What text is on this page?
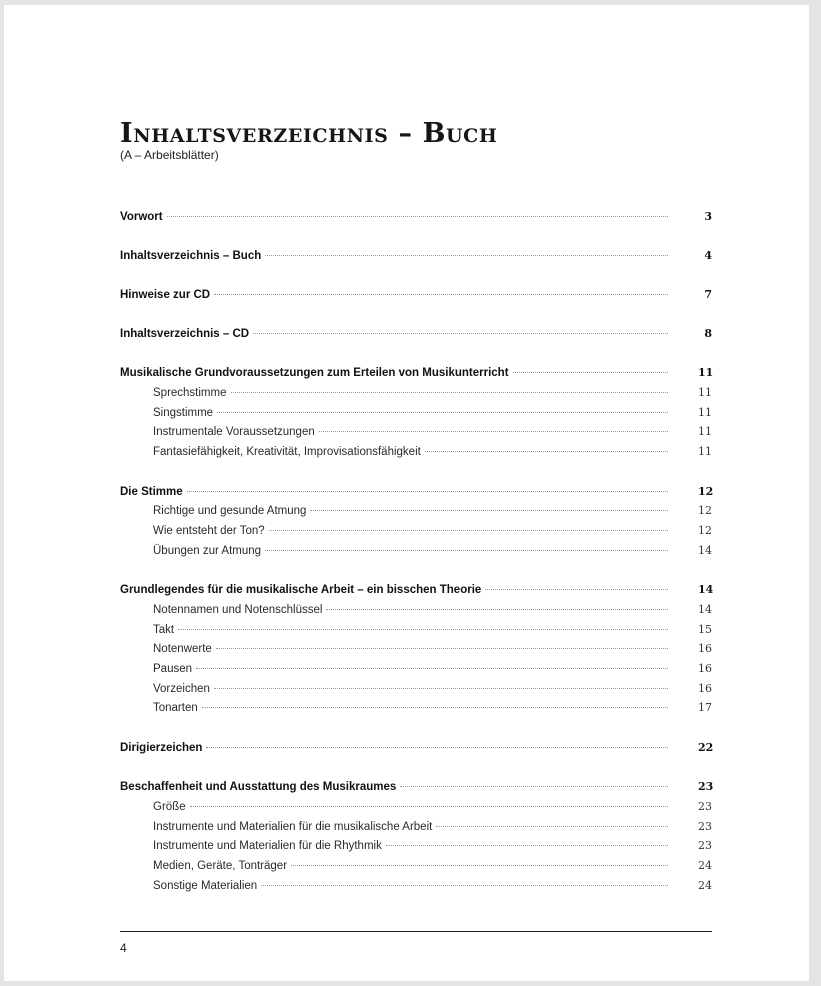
Inhaltsverzeichnis – Buch
(A – Arbeitsblätter)
Vorwort	3
Inhaltsverzeichnis – Buch	4
Hinweise zur CD	7
Inhaltsverzeichnis – CD	8
Musikalische Grundvoraussetzungen zum Erteilen von Musikunterricht	11
Sprechstimme	11
Singstimme	11
Instrumentale Voraussetzungen	11
Fantasiefähigkeit, Kreativität, Improvisationsfähigkeit	11
Die Stimme	12
Richtige und gesunde Atmung	12
Wie entsteht der Ton?	12
Übungen zur Atmung	14
Grundlegendes für die musikalische Arbeit – ein bisschen Theorie	14
Notennamen und Notenschlüssel	14
Takt	15
Notenwerte	16
Pausen	16
Vorzeichen	16
Tonarten	17
Dirigierzeichen	22
Beschaffenheit und Ausstattung des Musikraumes	23
Größe	23
Instrumente und Materialien für die musikalische Arbeit	23
Instrumente und Materialien für die Rhythmik	23
Medien, Geräte, Tonträger	24
Sonstige Materialien	24
4
